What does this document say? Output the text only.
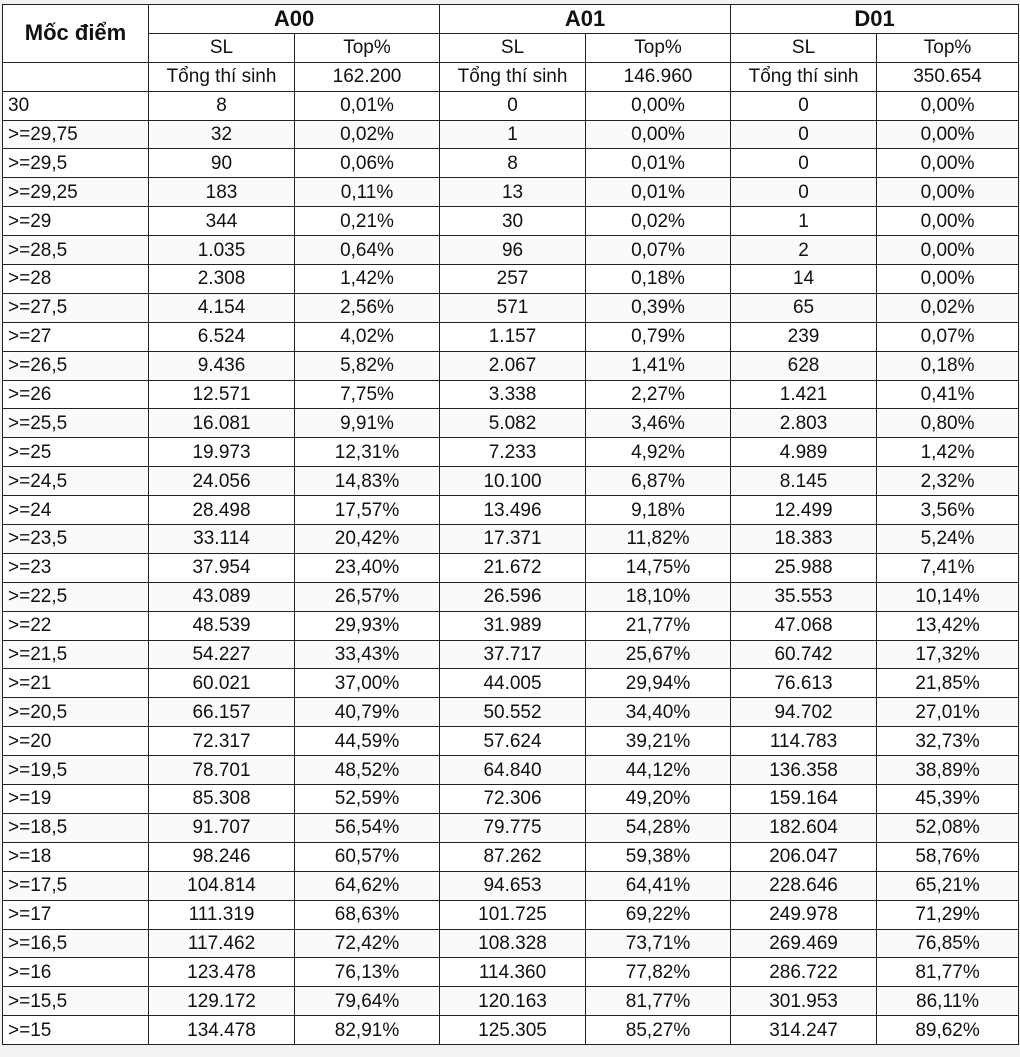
Mốc điểm	A00		A01		D01	
	SL	Top%	SL	Top%	SL	Top%
	Tổng thí sinh	162.200	Tổng thí sinh	146.960	Tổng thí sinh	350.654
30	8	0,01%	0	0,00%	0	0,00%
>=29,75	32	0,02%	1	0,00%	0	0,00%
>=29,5	90	0,06%	8	0,01%	0	0,00%
>=29,25	183	0,11%	13	0,01%	0	0,00%
>=29	344	0,21%	30	0,02%	1	0,00%
>=28,5	1.035	0,64%	96	0,07%	2	0,00%
>=28	2.308	1,42%	257	0,18%	14	0,00%
>=27,5	4.154	2,56%	571	0,39%	65	0,02%
>=27	6.524	4,02%	1.157	0,79%	239	0,07%
>=26,5	9.436	5,82%	2.067	1,41%	628	0,18%
>=26	12.571	7,75%	3.338	2,27%	1.421	0,41%
>=25,5	16.081	9,91%	5.082	3,46%	2.803	0,80%
>=25	19.973	12,31%	7.233	4,92%	4.989	1,42%
>=24,5	24.056	14,83%	10.100	6,87%	8.145	2,32%
>=24	28.498	17,57%	13.496	9,18%	12.499	3,56%
>=23,5	33.114	20,42%	17.371	11,82%	18.383	5,24%
>=23	37.954	23,40%	21.672	14,75%	25.988	7,41%
>=22,5	43.089	26,57%	26.596	18,10%	35.553	10,14%
>=22	48.539	29,93%	31.989	21,77%	47.068	13,42%
>=21,5	54.227	33,43%	37.717	25,67%	60.742	17,32%
>=21	60.021	37,00%	44.005	29,94%	76.613	21,85%
>=20,5	66.157	40,79%	50.552	34,40%	94.702	27,01%
>=20	72.317	44,59%	57.624	39,21%	114.783	32,73%
>=19,5	78.701	48,52%	64.840	44,12%	136.358	38,89%
>=19	85.308	52,59%	72.306	49,20%	159.164	45,39%
>=18,5	91.707	56,54%	79.775	54,28%	182.604	52,08%
>=18	98.246	60,57%	87.262	59,38%	206.047	58,76%
>=17,5	104.814	64,62%	94.653	64,41%	228.646	65,21%
>=17	111.319	68,63%	101.725	69,22%	249.978	71,29%
>=16,5	117.462	72,42%	108.328	73,71%	269.469	76,85%
>=16	123.478	76,13%	114.360	77,82%	286.722	81,77%
>=15,5	129.172	79,64%	120.163	81,77%	301.953	86,11%
>=15	134.478	82,91%	125.305	85,27%	314.247	89,62%
